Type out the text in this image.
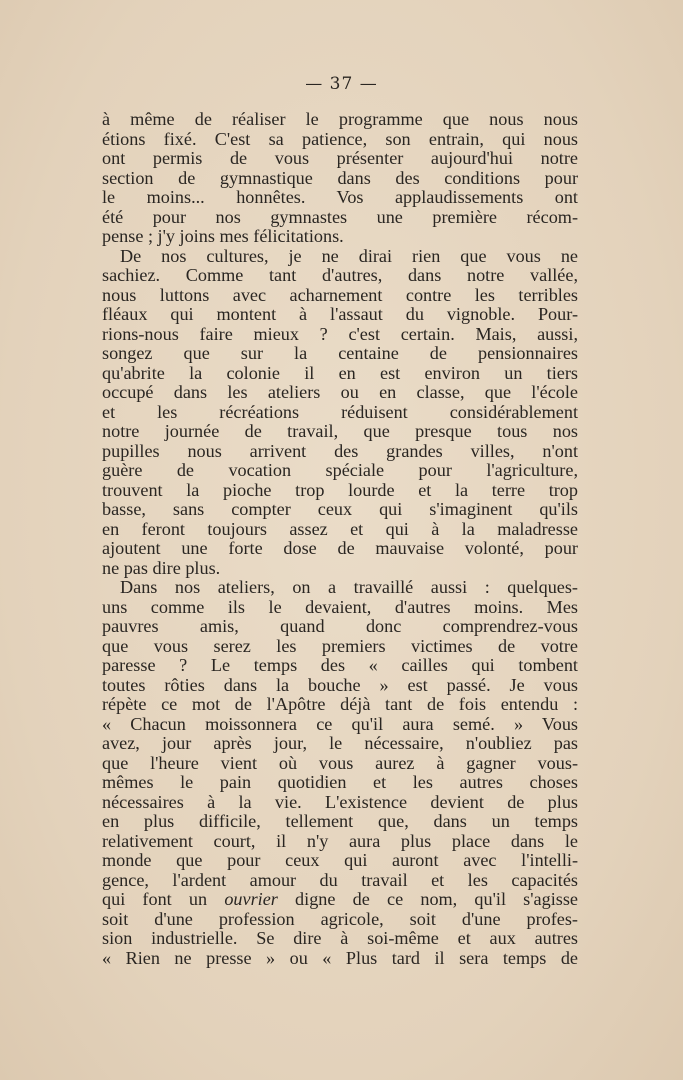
— 37 —
à même de réaliser le programme que nous nous
étions fixé. C'est sa patience, son entrain, qui nous
ont permis de vous présenter aujourd'hui notre
section de gymnastique dans des conditions pour
le moins... honnêtes. Vos applaudissements ont
été pour nos gymnastes une première récom-
pense ; j'y joins mes félicitations.
De nos cultures, je ne dirai rien que vous ne
sachiez. Comme tant d'autres, dans notre vallée,
nous luttons avec acharnement contre les terribles
fléaux qui montent à l'assaut du vignoble. Pour-
rions-nous faire mieux ? c'est certain. Mais, aussi,
songez que sur la centaine de pensionnaires
qu'abrite la colonie il en est environ un tiers
occupé dans les ateliers ou en classe, que l'école
et les récréations réduisent considérablement
notre journée de travail, que presque tous nos
pupilles nous arrivent des grandes villes, n'ont
guère de vocation spéciale pour l'agriculture,
trouvent la pioche trop lourde et la terre trop
basse, sans compter ceux qui s'imaginent qu'ils
en feront toujours assez et qui à la maladresse
ajoutent une forte dose de mauvaise volonté, pour
ne pas dire plus.
Dans nos ateliers, on a travaillé aussi : quelques-
uns comme ils le devaient, d'autres moins. Mes
pauvres amis, quand donc comprendrez-vous
que vous serez les premiers victimes de votre
paresse ? Le temps des « cailles qui tombent
toutes rôties dans la bouche » est passé. Je vous
répète ce mot de l'Apôtre déjà tant de fois entendu :
« Chacun moissonnera ce qu'il aura semé. » Vous
avez, jour après jour, le nécessaire, n'oubliez pas
que l'heure vient où vous aurez à gagner vous-
mêmes le pain quotidien et les autres choses
nécessaires à la vie. L'existence devient de plus
en plus difficile, tellement que, dans un temps
relativement court, il n'y aura plus place dans le
monde que pour ceux qui auront avec l'intelli-
gence, l'ardent amour du travail et les capacités
qui font un ouvrier digne de ce nom, qu'il s'agisse
soit d'une profession agricole, soit d'une profes-
sion industrielle. Se dire à soi-même et aux autres
« Rien ne presse » ou « Plus tard il sera temps de
